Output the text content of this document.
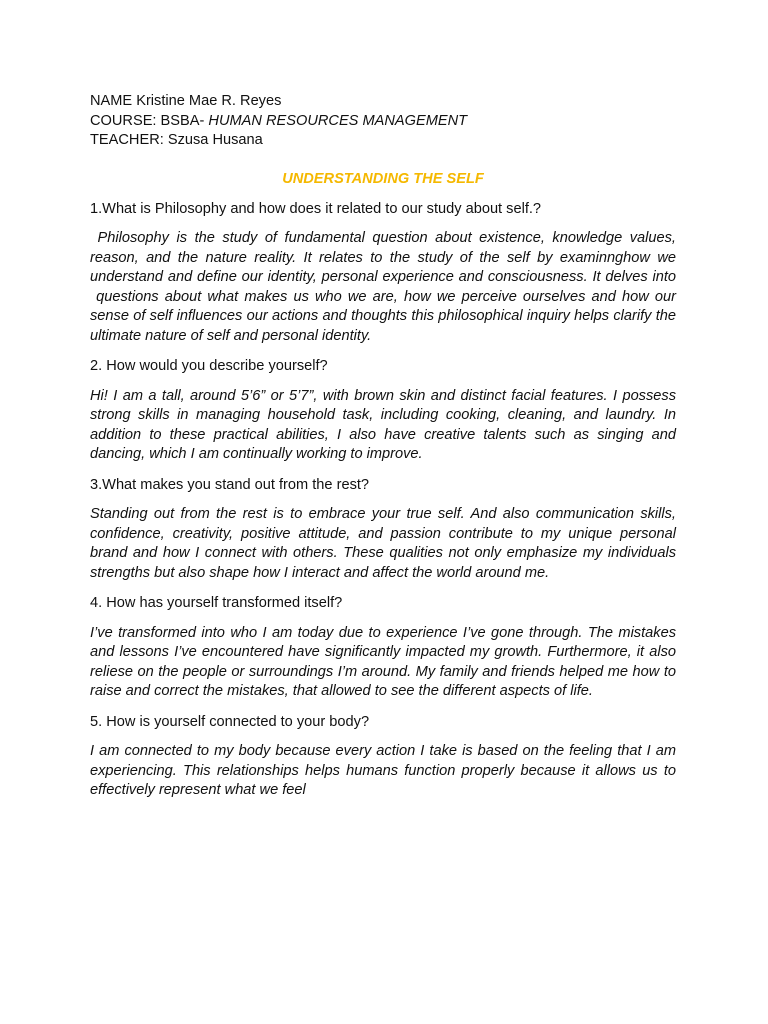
NAME Kristine Mae R. Reyes

COURSE: BSBA- HUMAN RESOURCES MANAGEMENT

TEACHER: Szusa Husana

UNDERSTANDING THE SELF

1.What is Philosophy and how does it related to our study about self.?

Philosophy is the study of fundamental question about existence, knowledge values, reason, and the nature reality. It relates to the study of the self by examinnghow we understand and define our identity, personal experience and consciousness. It delves into  questions about what makes us who we are, how we perceive ourselves and how our sense of self influences our actions and thoughts this philosophical inquiry helps clarify the ultimate nature of self and personal identity.

2. How would you describe yourself?

Hi! I am a tall, around 5’6” or 5’7”, with brown skin and distinct facial features. I possess strong skills in managing household task, including cooking, cleaning, and laundry. In addition to these practical abilities, I also have creative talents such as singing and dancing, which I am continually working to improve.

3.What makes you stand out from the rest?

Standing out from the rest is to embrace your true self. And also communication skills, confidence, creativity, positive attitude, and passion contribute to my unique personal brand and how I connect with others. These qualities not only emphasize my individuals strengths but also shape how I interact and affect the world around me.

4. How has yourself transformed itself?

I’ve transformed into who I am today due to experience I’ve gone through. The mistakes and lessons I’ve encountered have significantly impacted my growth. Furthermore, it also reliese on the people or surroundings I’m around. My family and friends helped me how to raise and correct the mistakes, that allowed to see the different aspects of life.

5. How is yourself connected to your body?

I am connected to my body because every action I take is based on the feeling that I am experiencing. This relationships helps humans function properly because it allows us to effectively represent what we feel
